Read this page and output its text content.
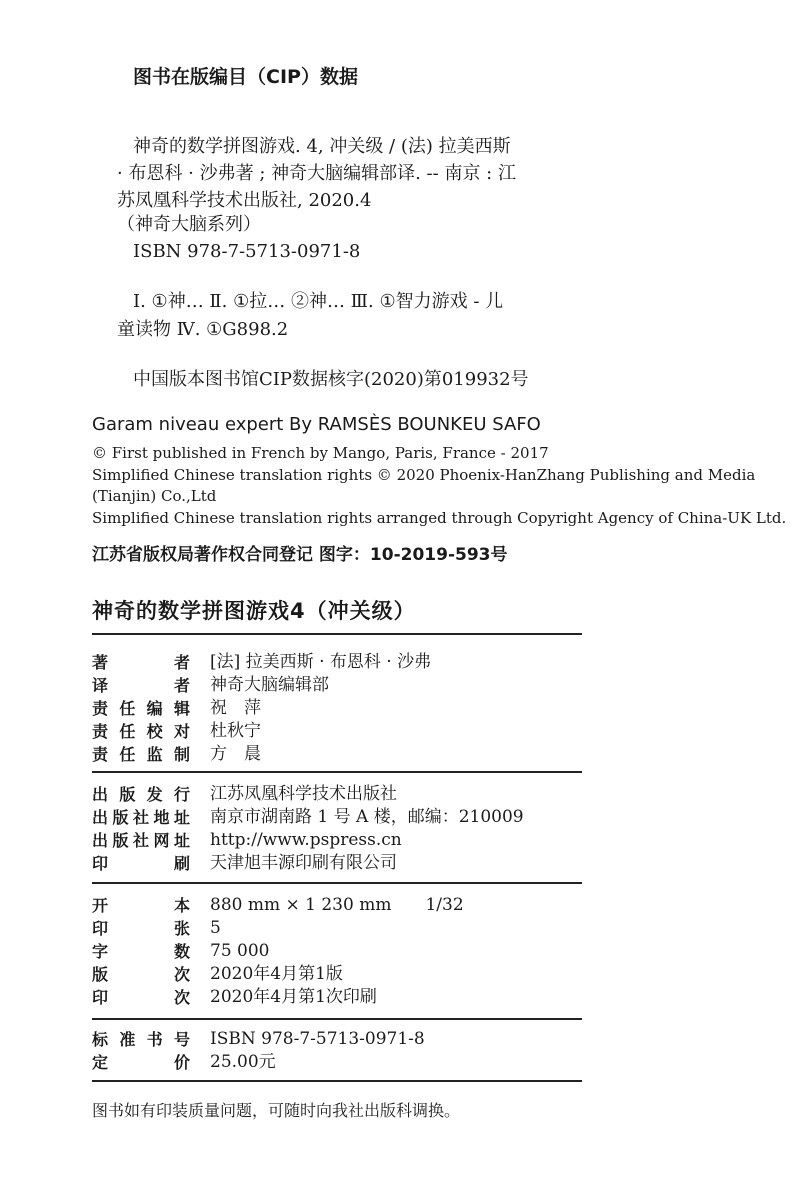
图书在版编目（CIP）数据
神奇的数学拼图游戏. 4, 冲关级 / (法) 拉美西斯
· 布恩科 · 沙弗著 ; 神奇大脑编辑部译. -- 南京 : 江
苏凤凰科学技术出版社, 2020.4
（神奇大脑系列）
ISBN 978-7-5713-0971-8
Ⅰ. ①神… Ⅱ. ①拉… ②神… Ⅲ. ①智力游戏 - 儿
童读物 Ⅳ. ①G898.2
中国版本图书馆CIP数据核字(2020)第019932号
Garam niveau expert By RAMSÈS BOUNKEU SAFO
© First published in French by Mango, Paris, France - 2017
Simplified Chinese translation rights © 2020 Phoenix-HanZhang Publishing and Media
(Tianjin) Co.,Ltd
Simplified Chinese translation rights arranged through Copyright Agency of China-UK Ltd.
江苏省版权局著作权合同登记 图字：10-2019-593号
神奇的数学拼图游戏4（冲关级）
著	者 [法] 拉美西斯 · 布恩科 · 沙弗
译	者 神奇大脑编辑部
责 任 编 辑 祝　萍
责 任 校 对 杜秋宁
责 任 监 制 方　晨
出 版 发 行 江苏凤凰科学技术出版社
出 版 社 地 址 南京市湖南路 1 号 A 楼，邮编：210009
出 版 社 网 址 http://www.pspress.cn
印	刷 天津旭丰源印刷有限公司
开	本 880 mm × 1 230 mm　　1/32
印	张 5
字	数 75 000
版	次 2020年4月第1版
印	次 2020年4月第1次印刷
标 准 书 号 ISBN 978-7-5713-0971-8
定	价 25.00元
图书如有印装质量问题，可随时向我社出版科调换。
